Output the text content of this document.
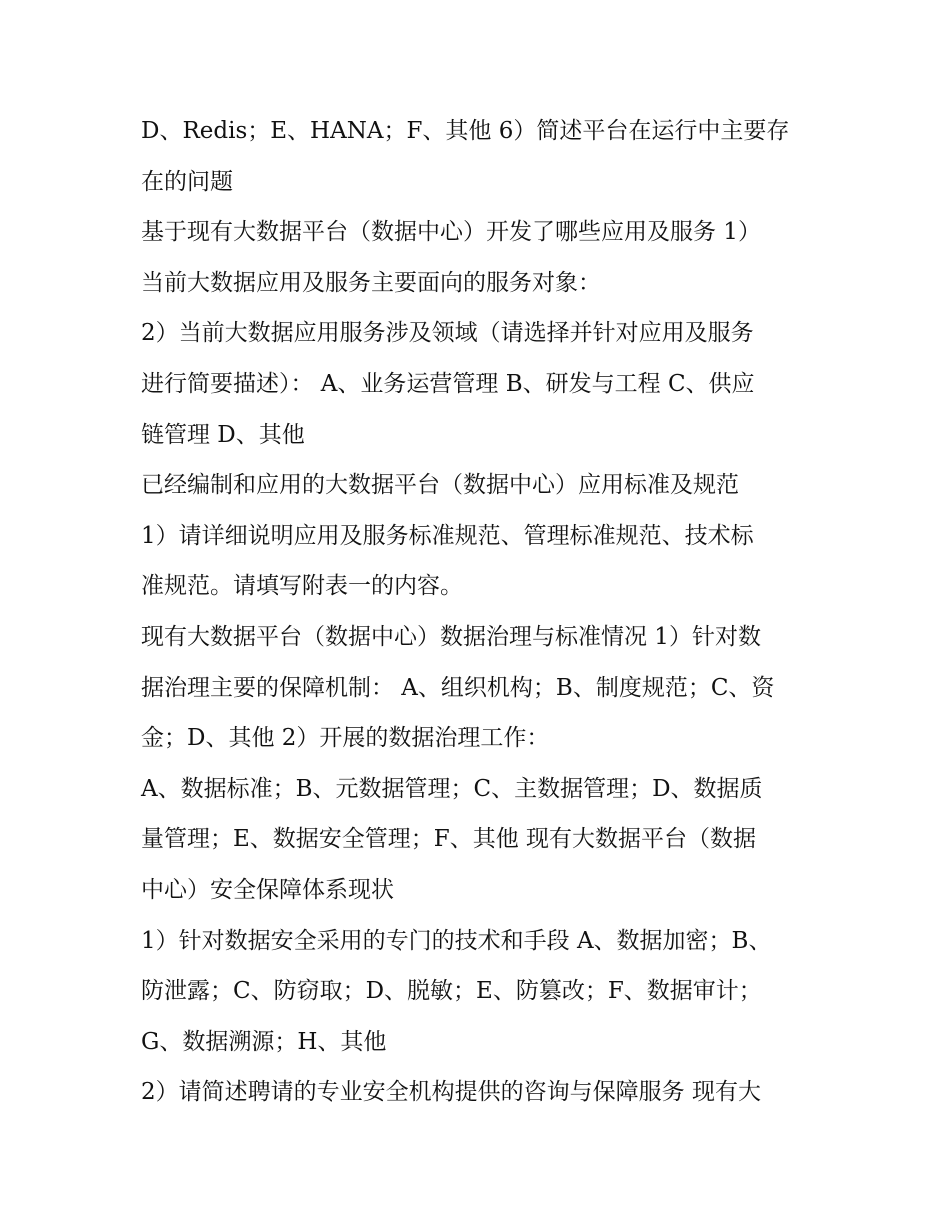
D、Redis；E、HANA；F、其他 6）简述平台在运行中主要存
在的问题
基于现有大数据平台（数据中心）开发了哪些应用及服务 1）
当前大数据应用及服务主要面向的服务对象：
2）当前大数据应用服务涉及领域（请选择并针对应用及服务
进行简要描述）： A、业务运营管理 B、研发与工程 C、供应
链管理 D、其他
已经编制和应用的大数据平台（数据中心）应用标准及规范
1）请详细说明应用及服务标准规范、管理标准规范、技术标
准规范。请填写附表一的内容。
现有大数据平台（数据中心）数据治理与标准情况 1）针对数
据治理主要的保障机制： A、组织机构；B、制度规范；C、资
金；D、其他 2）开展的数据治理工作：
A、数据标准；B、元数据管理；C、主数据管理；D、数据质
量管理；E、数据安全管理；F、其他 现有大数据平台（数据
中心）安全保障体系现状
1）针对数据安全采用的专门的技术和手段 A、数据加密；B、
防泄露；C、防窃取；D、脱敏；E、防篡改；F、数据审计；
G、数据溯源；H、其他
2）请简述聘请的专业安全机构提供的咨询与保障服务 现有大
